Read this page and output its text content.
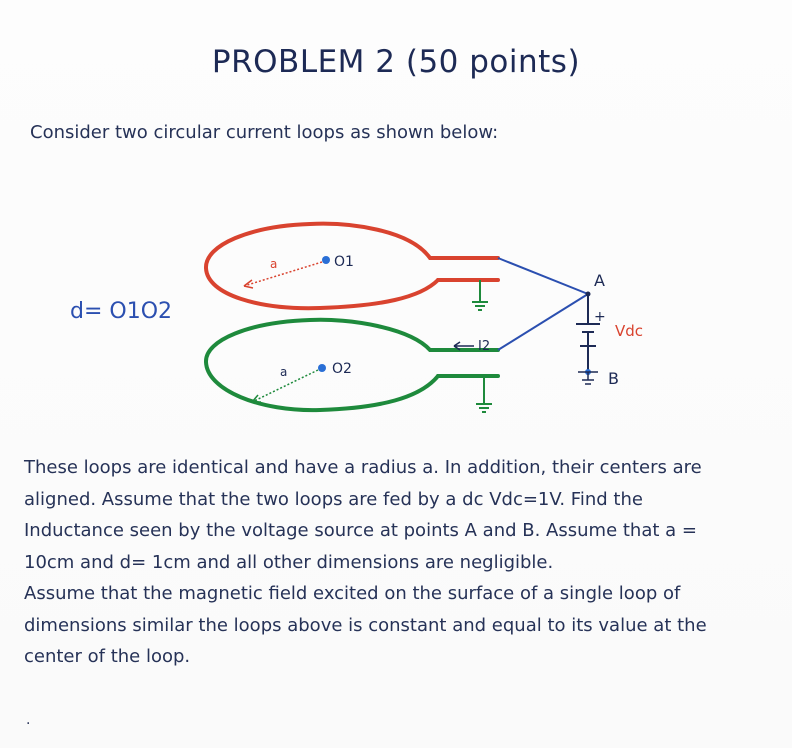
PROBLEM 2 (50 points)
Consider two circular current loops as shown below:
d= O1O2
O1
a
O2
a
I2
A
+
Vdc
B

These loops are identical and have a radius a. In addition, their centers are aligned. Assume that the two loops are fed by a dc Vdc=1V. Find the Inductance seen by the voltage source at points A and B. Assume that a = 10cm and d= 1cm and all other dimensions are negligible.

Assume that the magnetic field excited on the surface of a single loop of dimensions similar the loops above is constant and equal to its value at the center of the loop.

.
